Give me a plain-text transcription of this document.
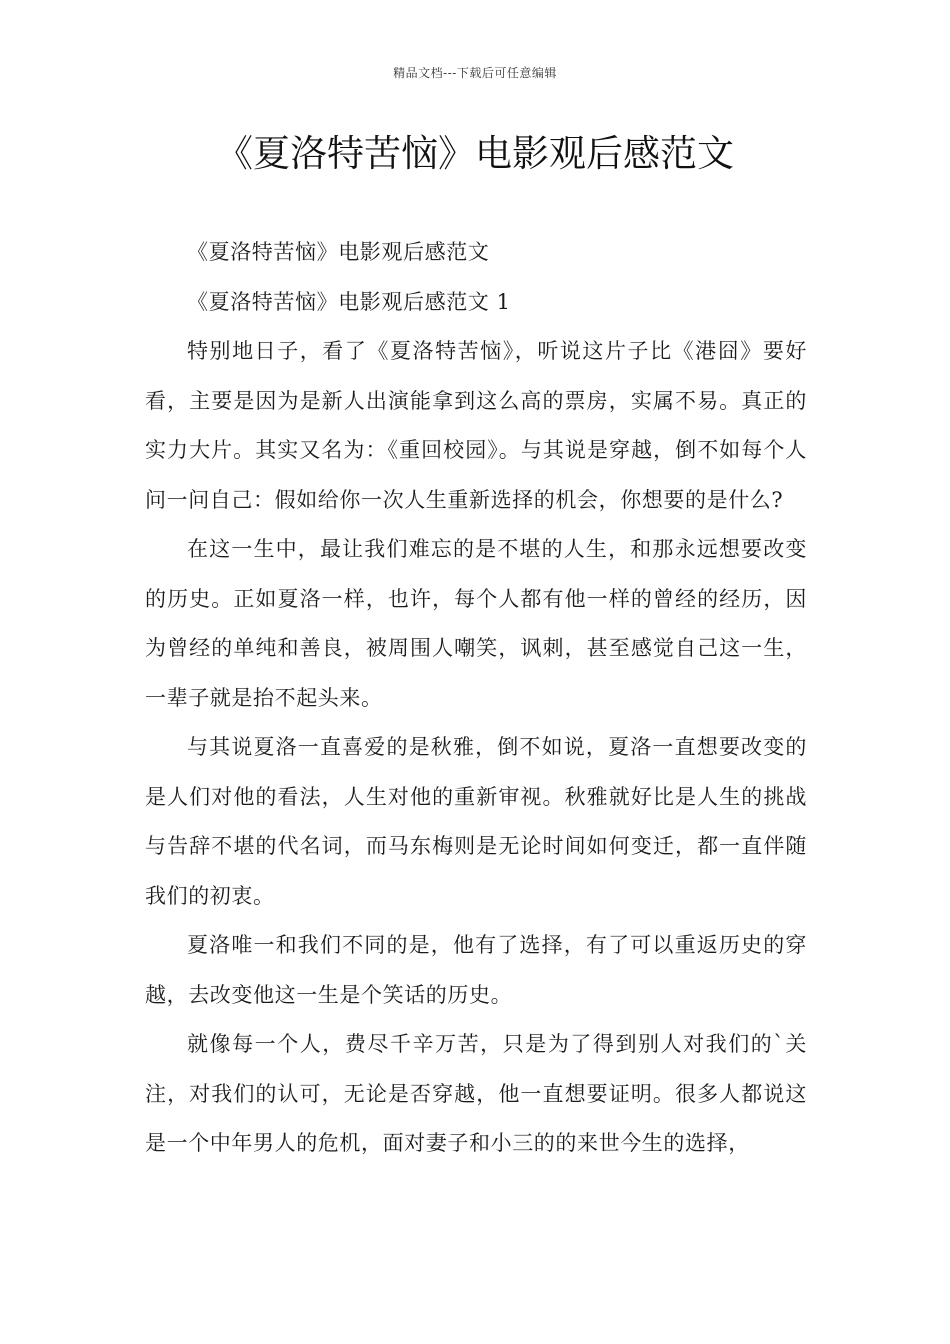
精品文档---下载后可任意编辑
《夏洛特苦恼》电影观后感范文

《夏洛特苦恼》电影观后感范文

《夏洛特苦恼》电影观后感范文 1

特别地日子，看了《夏洛特苦恼》，听说这片子比《港囧》要好看，主要是因为是新人出演能拿到这么高的票房，实属不易。真正的实力大片。其实又名为：《重回校园》。与其说是穿越，倒不如每个人问一问自己：假如给你一次人生重新选择的机会，你想要的是什么?

在这一生中，最让我们难忘的是不堪的人生，和那永远想要改变的历史。正如夏洛一样，也许，每个人都有他一样的曾经的经历，因为曾经的单纯和善良，被周围人嘲笑，讽刺，甚至感觉自己这一生，一辈子就是抬不起头来。

与其说夏洛一直喜爱的是秋雅，倒不如说，夏洛一直想要改变的是人们对他的看法，人生对他的重新审视。秋雅就好比是人生的挑战与告辞不堪的代名词，而马东梅则是无论时间如何变迁，都一直伴随我们的初衷。

夏洛唯一和我们不同的是，他有了选择，有了可以重返历史的穿越，去改变他这一生是个笑话的历史。

就像每一个人，费尽千辛万苦，只是为了得到别人对我们的`关注，对我们的认可，无论是否穿越，他一直想要证明。很多人都说这是一个中年男人的危机，面对妻子和小三的的来世今生的选择，
